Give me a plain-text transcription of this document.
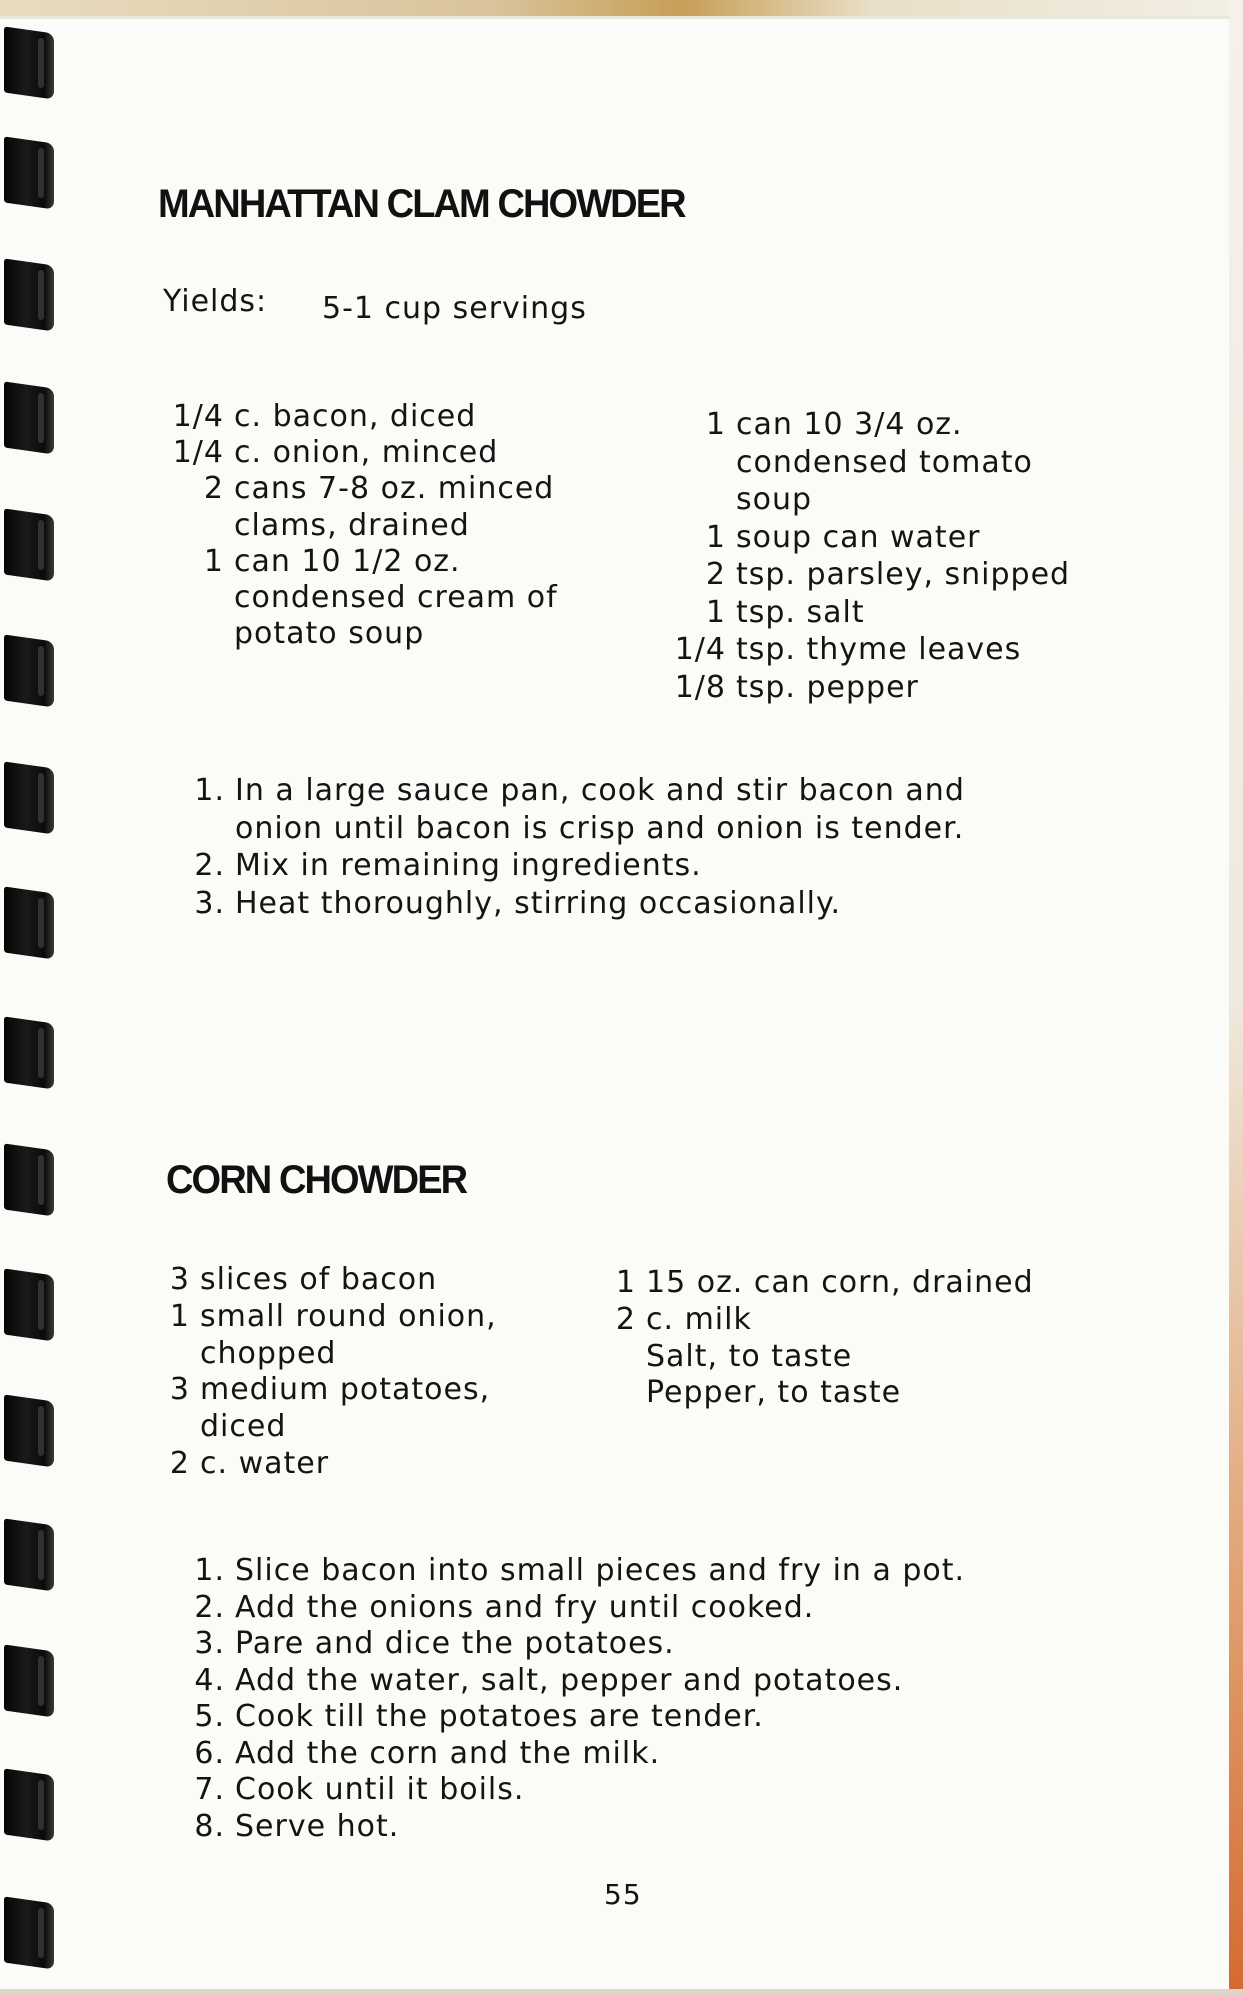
MANHATTAN CLAM CHOWDER
Yields: 5-1 cup servings
1/4 c. bacon, diced
1/4 c. onion, minced
2 cans 7-8 oz. minced
clams, drained
1 can 10 1/2 oz.
condensed cream of
potato soup
1 can 10 3/4 oz.
condensed tomato
soup
1 soup can water
2 tsp. parsley, snipped
1 tsp. salt
1/4 tsp. thyme leaves
1/8 tsp. pepper
1. In a large sauce pan, cook and stir bacon and
onion until bacon is crisp and onion is tender.
2. Mix in remaining ingredients.
3. Heat thoroughly, stirring occasionally.
CORN CHOWDER
3 slices of bacon
1 small round onion,
chopped
3 medium potatoes,
diced
2 c. water
1 15 oz. can corn, drained
2 c. milk
Salt, to taste
Pepper, to taste
1. Slice bacon into small pieces and fry in a pot.
2. Add the onions and fry until cooked.
3. Pare and dice the potatoes.
4. Add the water, salt, pepper and potatoes.
5. Cook till the potatoes are tender.
6. Add the corn and the milk.
7. Cook until it boils.
8. Serve hot.
55
